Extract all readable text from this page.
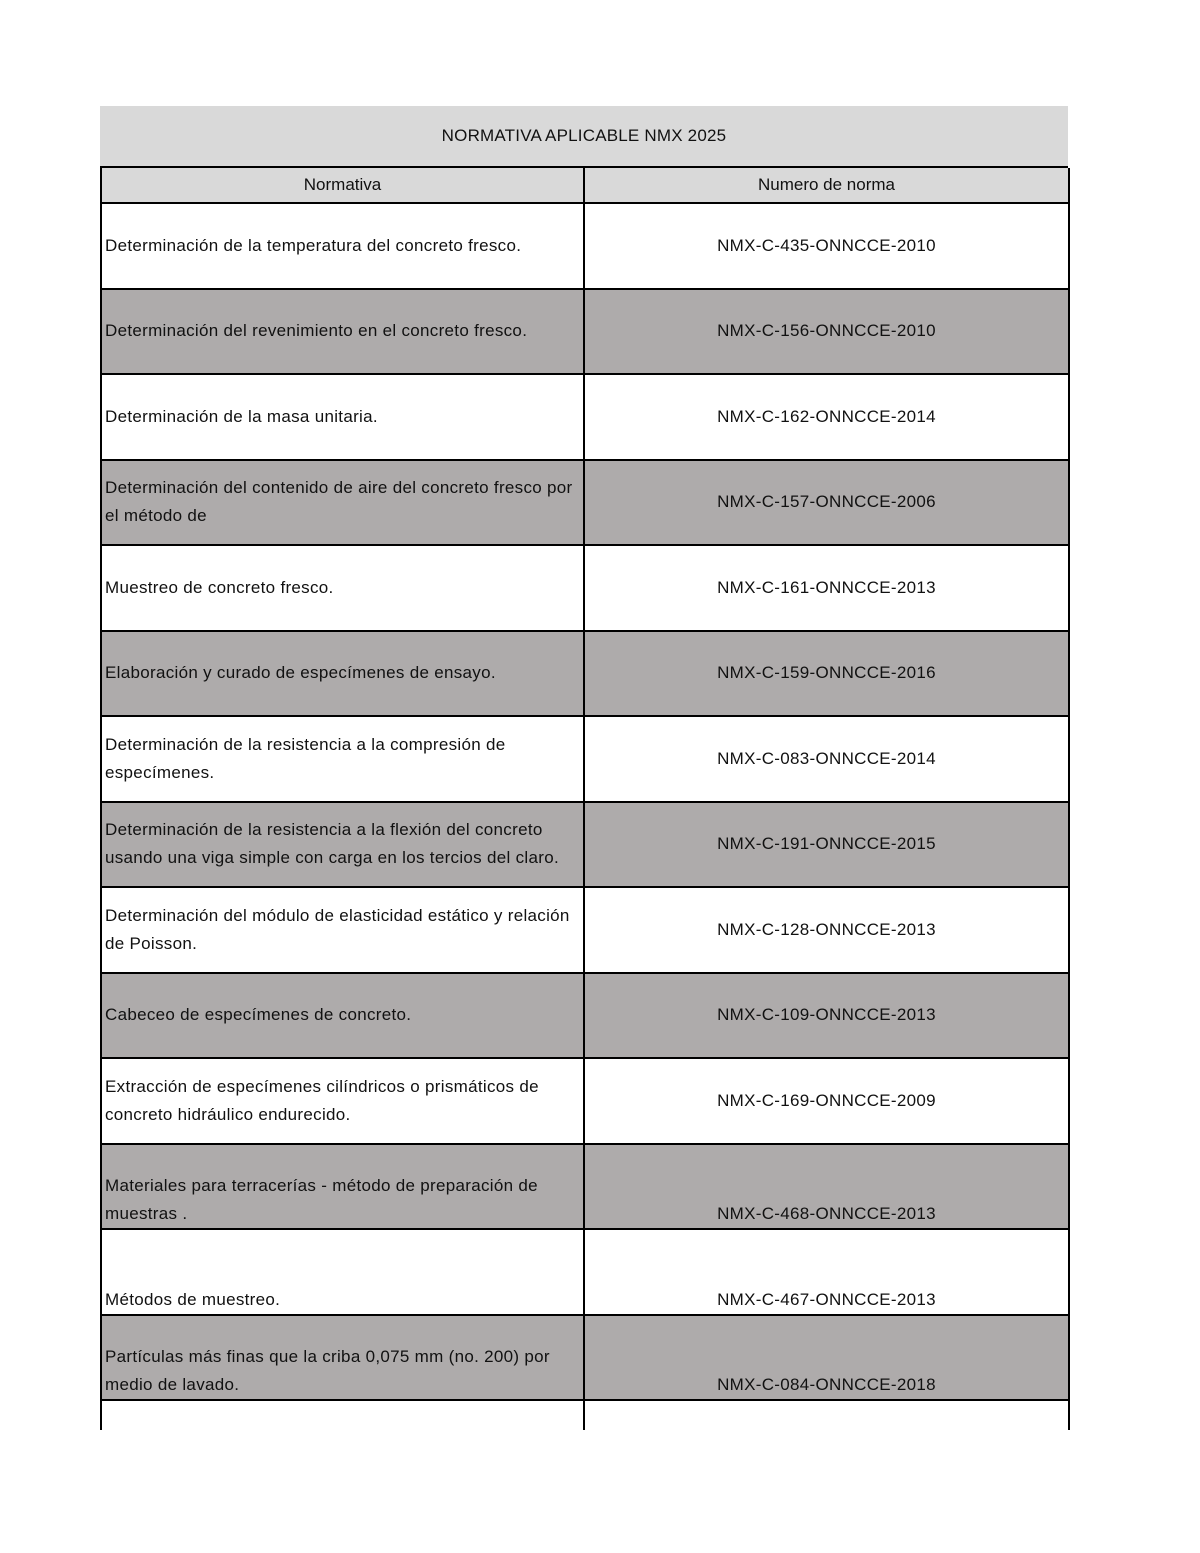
NORMATIVA APLICABLE NMX 2025
Normativa	Numero de norma
Determinación de la temperatura del concreto fresco.	NMX-C-435-ONNCCE-2010
Determinación del revenimiento en el concreto fresco.	NMX-C-156-ONNCCE-2010
Determinación de la masa unitaria.	NMX-C-162-ONNCCE-2014
Determinación del contenido de aire del concreto fresco por el método de	NMX-C-157-ONNCCE-2006
Muestreo de concreto fresco.	NMX-C-161-ONNCCE-2013
Elaboración y curado de especímenes de ensayo.	NMX-C-159-ONNCCE-2016
Determinación de la resistencia a la compresión de especímenes.	NMX-C-083-ONNCCE-2014
Determinación de la resistencia a la flexión del concreto usando una viga simple con carga en los tercios del claro.	NMX-C-191-ONNCCE-2015
Determinación del módulo de elasticidad estático y relación de Poisson.	NMX-C-128-ONNCCE-2013
Cabeceo de especímenes de concreto.	NMX-C-109-ONNCCE-2013
Extracción de especímenes cilíndricos o prismáticos de concreto hidráulico endurecido.	NMX-C-169-ONNCCE-2009
Materiales para terracerías - método de preparación de muestras .	NMX-C-468-ONNCCE-2013
Métodos de muestreo.	NMX-C-467-ONNCCE-2013
Partículas más finas que la criba 0,075 mm (no. 200) por medio de lavado.	NMX-C-084-ONNCCE-2018
